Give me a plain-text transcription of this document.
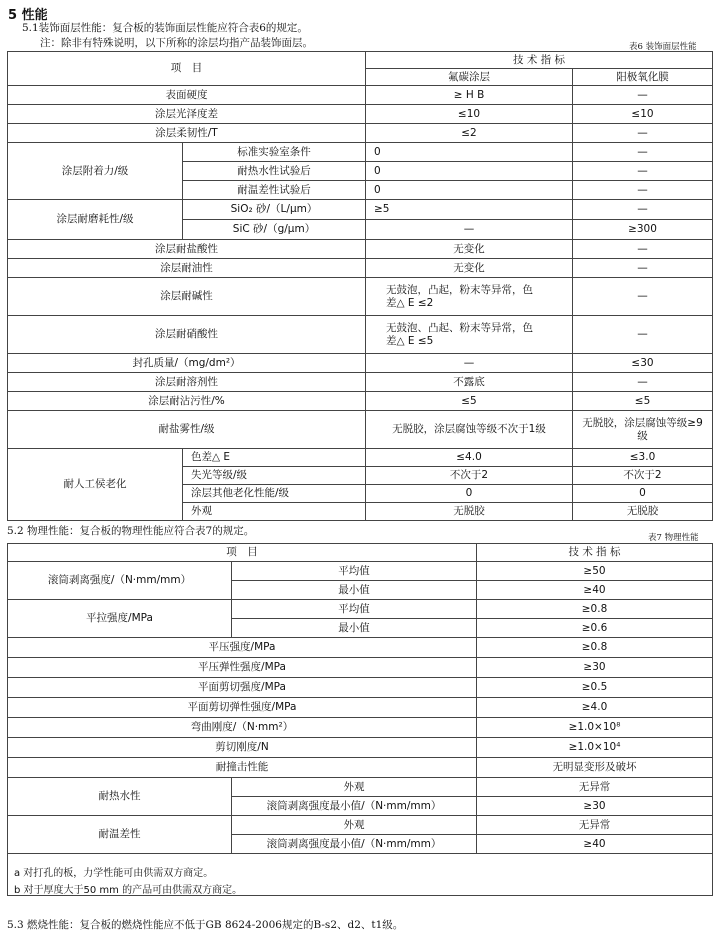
5 性能
5.1装饰面层性能：复合板的装饰面层性能应符合表6的规定。
注：除非有特殊说明，以下所称的涂层均指产品装饰面层。	表6 装饰面层性能
项　目		技 术 指 标	
		氟碳涂层	阳极氧化膜
表面硬度		≥ H B	—
涂层光泽度差		≤10	≤10
涂层柔韧性/T		≤2	—
涂层附着力/级	标准实验室条件	0	—
	耐热水性试验后	0	—
	耐温差性试验后	0	—
涂层耐磨耗性/级	SiO₂ 砂/（L/μm）	≥5	—
	SiC 砂/（g/μm）	—	≥300
涂层耐盐酸性		无变化	—
涂层耐油性		无变化	—
涂层耐碱性		无鼓泡，凸起，粉末等异常，色差△ E ≤2	—
涂层耐硝酸性		无鼓泡、凸起、粉末等异常，色差△ E ≤5	—
封孔质量/（mg/dm²）		—	≤30
涂层耐溶剂性		不露底	—
涂层耐沾污性/%		≤5	≤5
耐盐雾性/级		无脱胶，涂层腐蚀等级不次于1级	无脱胶，涂层腐蚀等级≥9级
耐人工侯老化	色差△ E	≤4.0	≤3.0
	失光等级/级	不次于2	不次于2
	涂层其他老化性能/级	0	0
	外观	无脱胶	无脱胶
5.2 物理性能：复合板的物理性能应符合表7的规定。
表7 物理性能
项　目		技 术 指 标
滚筒剥离强度/（N·mm/mm）	平均值	≥50
	最小值	≥40
平拉强度/MPa	平均值	≥0.8
	最小值	≥0.6
平压强度/MPa		≥0.8
平压弹性强度/MPa		≥30
平面剪切强度/MPa		≥0.5
平面剪切弹性强度/MPa		≥4.0
弯曲刚度/（N·mm²）		≥1.0×10⁸
剪切刚度/N		≥1.0×10⁴
耐撞击性能		无明显变形及破坏
耐热水性	外观	无异常
	滚筒剥离强度最小值/（N·mm/mm）	≥30
耐温差性	外观	无异常
	滚筒剥离强度最小值/（N·mm/mm）	≥40

a 对打孔的板，力学性能可由供需双方商定。
b 对于厚度大于50 mm 的产品可由供需双方商定。
5.3 燃烧性能：复合板的燃烧性能应不低于GB 8624-2006规定的B-s2、d2、t1级。
